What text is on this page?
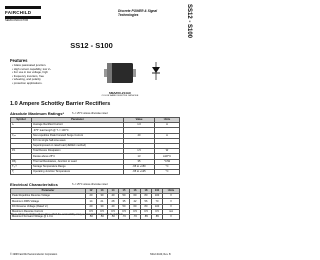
FAIRCHILD
SEMICONDUCTOR
Discrete POWER & Signal
Technologies	SS12 - S100
SS12 - S100
Features
• Glass passivated junction.
• High current capability, low Vₓ.
• For use in low voltage, high
• frequency inverters, free
• wheeling, and polarity
• protection applications.
SMA/DO-214AC
COLOR BAND DENOTES CATHODE
1.0 Ampere Schottky Barrier Rectifiers
Absolute Maximum Ratings*	Tₐ = 25°C unless otherwise noted
Symbol	Parameter	Value	Units
Iₒ	Average Rectified Current	1.0	A
	.375" lead length @ Tₗ = 100°C		
Iᶠₛₘ	Non-repetitive Peak Forward Surge Current	40	A
	8.3 ms single half-sine-wave		
	Superimposed on rated load (JEDEC method)		
Pᴅ	Total Device Dissipation	1.5	W
	Derate above 25°C	13	mW/°C
Rθⱼₗ	Thermal Resistance, Junction to Lead	35	°C/W
Tₛₜᴳ	Storage Temperature Range	-65 to +150	°C
Tⱼ	Operating Junction Temperature	-65 to +125	°C
Electrical Characteristics	Tₐ = 25°C unless otherwise noted
Parameter	12	13	14	15	16	18	110	Units
Peak Repetitive Reverse Voltage	20	30	40	50	60	80	100	V
Maximum RMS Voltage	14	21	28	35	42	56	70	V
DC Reverse Voltage (Rated Vᵣ)	20	30	40	50	60	80	100	V
Maximum Reverse Current	0.5	0.5	0.5	0.5	0.5	0.5	0.5	mA
Maximum Forward Voltage @ 1.0 A	.50	.50	.50	.70	.70	.85	.85	V
*These ratings are limiting values above which the serviceability of any semiconductor device may be impaired.
© 1998 Fairchild Semiconductor Corporation	SS12-S100, Rev. B
